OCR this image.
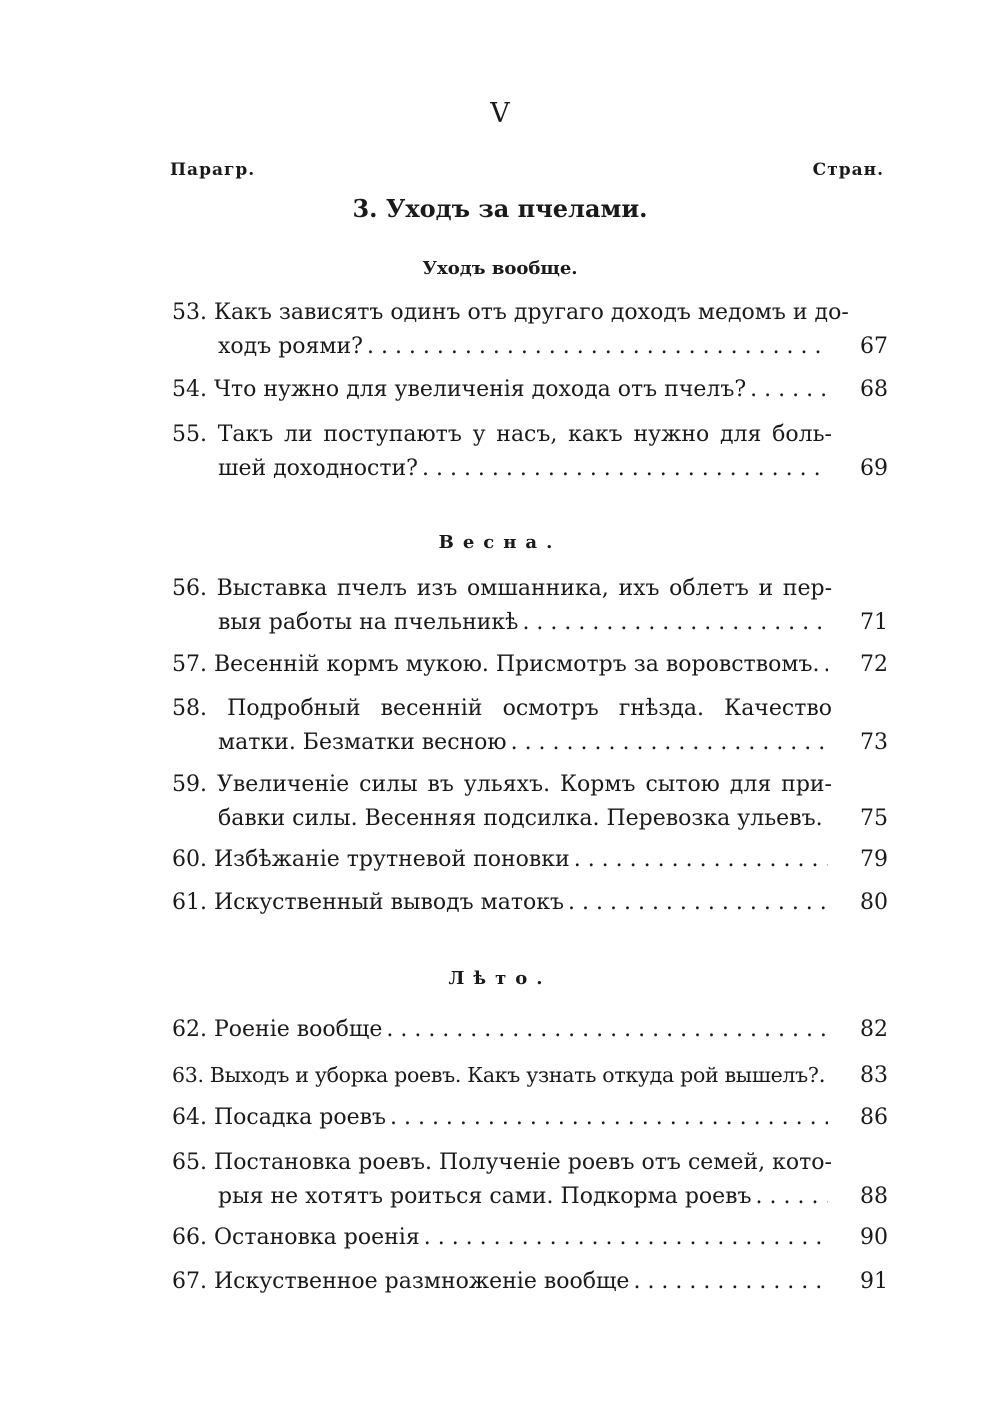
V
Парагр.	Стран.
3. Уходъ за пчелами.
Уходъ вообще.
Весна.
Лѣто.
53. Какъ зависятъ одинъ отъ другаго доходъ медомъ и до-
ходъ роями? . . .	67
54. Что нужно для увеличенія дохода отъ пчелъ? . . .	68
55. Такъ ли поступаютъ у насъ, какъ нужно для боль-
шей доходности? . . .	69
56. Выставка пчелъ изъ омшанника, ихъ облетъ и пер-
выя работы на пчельникѣ . . .	71
57. Весенній кормъ мукою. Присмотръ за воровствомъ. . . .	72
58. Подробный весенній осмотръ гнѣзда. Качество
матки. Безматки весною . . .	73
59. Увеличеніе силы въ ульяхъ. Кормъ сытою для при-
бавки силы. Весенняя подсилка. Перевозка ульевъ. . . .	75
60. Избѣжаніе трутневой поновки . . .	79
61. Искуственный выводъ матокъ . . .	80
62. Роеніе вообще . . .	82
63. Выходъ и уборка роевъ. Какъ узнать откуда рой вышелъ? . . .	83
64. Посадка роевъ . . .	86
65. Постановка роевъ. Полученіе роевъ отъ семей, кото-
рыя не хотятъ роиться сами. Подкорма роевъ . . .	88
66. Остановка роенія . . .	90
67. Искуственное размноженіе вообще . . .	91
